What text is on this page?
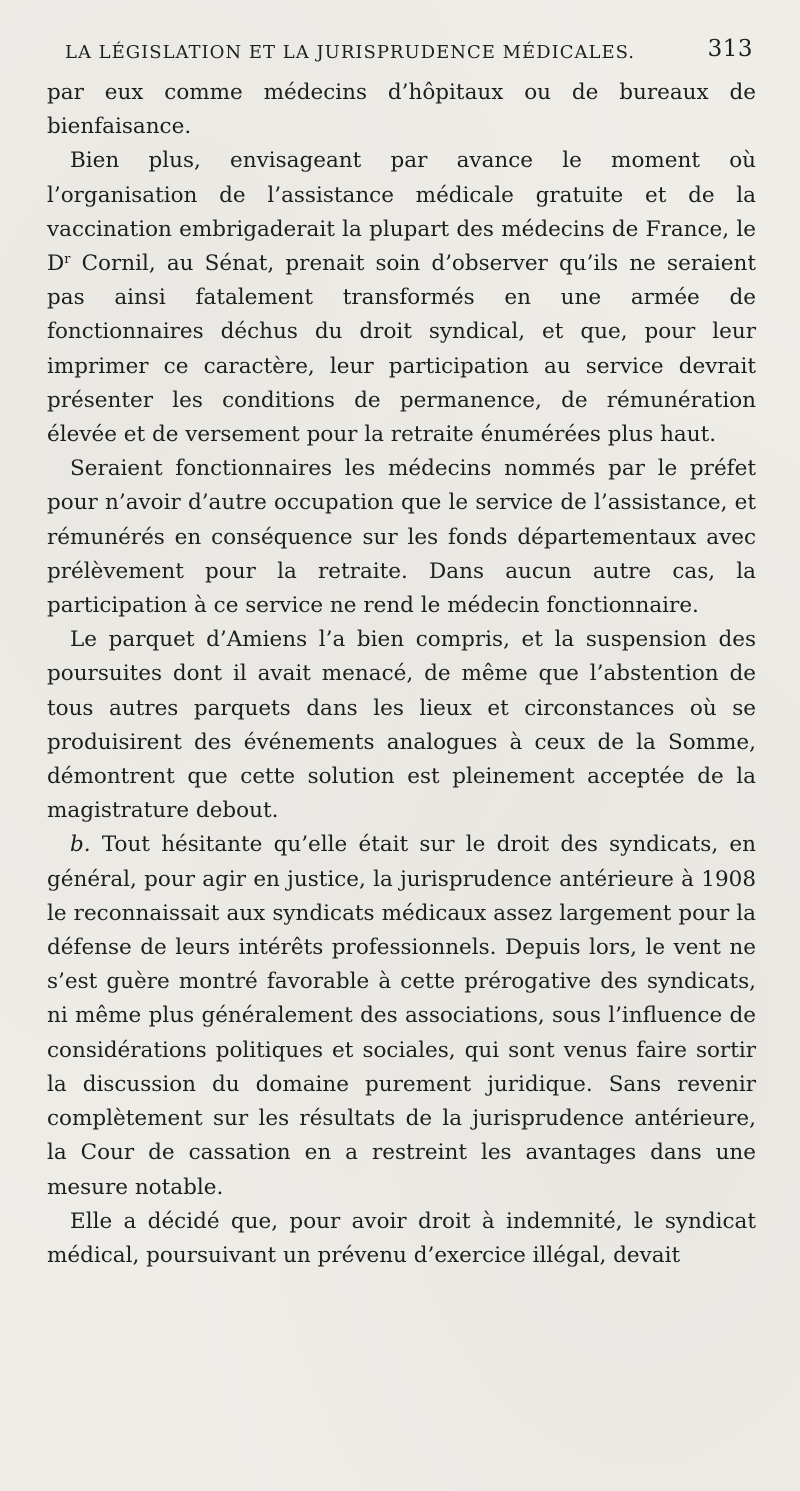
LA LÉGISLATION ET LA JURISPRUDENCE MÉDICALES.	313

par eux comme médecins d’hôpitaux ou de bureaux de bienfaisance.

Bien plus, envisageant par avance le moment où l’organisation de l’assistance médicale gratuite et de la vaccination embrigaderait la plupart des médecins de France, le $D^r$ Cornil, au Sénat, prenait soin d’observer qu’ils ne seraient pas ainsi fatalement transformés en une armée de fonctionnaires déchus du droit syndical, et que, pour leur imprimer ce caractère, leur participation au service devrait présenter les conditions de permanence, de rémunération élevée et de versement pour la retraite énumérées plus haut.

Seraient fonctionnaires les médecins nommés par le préfet pour n’avoir d’autre occupation que le service de l’assistance, et rémunérés en conséquence sur les fonds départementaux avec prélèvement pour la retraite. Dans aucun autre cas, la participation à ce service ne rend le médecin fonctionnaire.

Le parquet d’Amiens l’a bien compris, et la suspension des poursuites dont il avait menacé, de même que l’abstention de tous autres parquets dans les lieux et circonstances où se produisirent des événements analogues à ceux de la Somme, démontrent que cette solution est pleinement acceptée de la magistrature debout.

b. Tout hésitante qu’elle était sur le droit des syndicats, en général, pour agir en justice, la jurisprudence antérieure à 1908 le reconnaissait aux syndicats médicaux assez largement pour la défense de leurs intérêts professionnels. Depuis lors, le vent ne s’est guère montré favorable à cette prérogative des syndicats, ni même plus généralement des associations, sous l’influence de considérations politiques et sociales, qui sont venus faire sortir la discussion du domaine purement juridique. Sans revenir complètement sur les résultats de la jurisprudence antérieure, la Cour de cassation en a restreint les avantages dans une mesure notable.

Elle a décidé que, pour avoir droit à indemnité, le syndicat médical, poursuivant un prévenu d’exercice illégal, devait
